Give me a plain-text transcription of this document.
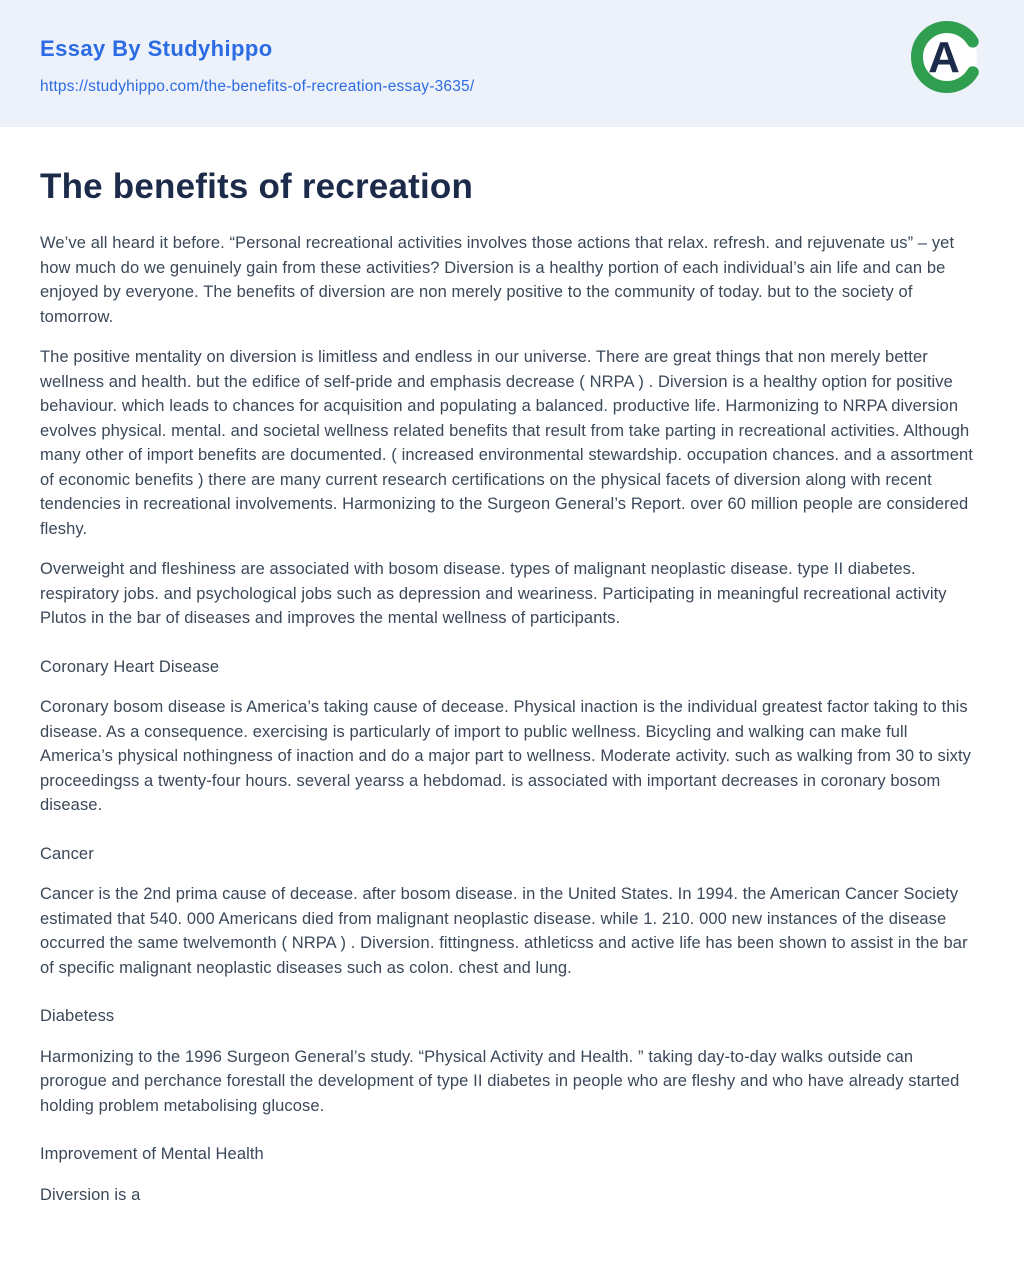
Essay By Studyhippo
https://studyhippo.com/the-benefits-of-recreation-essay-3635/
A
The benefits of recreation

We’ve all heard it before. “Personal recreational activities involves those actions that relax. refresh. and rejuvenate us” – yet how much do we genuinely gain from these activities? Diversion is a healthy portion of each individual’s ain life and can be enjoyed by everyone. The benefits of diversion are non merely positive to the community of today. but to the society of tomorrow.

The positive mentality on diversion is limitless and endless in our universe. There are great things that non merely better wellness and health. but the edifice of self-pride and emphasis decrease ( NRPA ) . Diversion is a healthy option for positive behaviour. which leads to chances for acquisition and populating a balanced. productive life. Harmonizing to NRPA diversion evolves physical. mental. and societal wellness related benefits that result from take parting in recreational activities. Although many other of import benefits are documented. ( increased environmental stewardship. occupation chances. and a assortment of economic benefits ) there are many current research certifications on the physical facets of diversion along with recent tendencies in recreational involvements. Harmonizing to the Surgeon General’s Report. over 60 million people are considered fleshy.

Overweight and fleshiness are associated with bosom disease. types of malignant neoplastic disease. type II diabetes. respiratory jobs. and psychological jobs such as depression and weariness. Participating in meaningful recreational activity Plutos in the bar of diseases and improves the mental wellness of participants.

Coronary Heart Disease

Coronary bosom disease is America’s taking cause of decease. Physical inaction is the individual greatest factor taking to this disease. As a consequence. exercising is particularly of import to public wellness. Bicycling and walking can make full America’s physical nothingness of inaction and do a major part to wellness. Moderate activity. such as walking from 30 to sixty proceedingss a twenty-four hours. several yearss a hebdomad. is associated with important decreases in coronary bosom disease.

Cancer

Cancer is the 2nd prima cause of decease. after bosom disease. in the United States. In 1994. the American Cancer Society estimated that 540. 000 Americans died from malignant neoplastic disease. while 1. 210. 000 new instances of the disease occurred the same twelvemonth ( NRPA ) . Diversion. fittingness. athleticss and active life has been shown to assist in the bar of specific malignant neoplastic diseases such as colon. chest and lung.

Diabetess

Harmonizing to the 1996 Surgeon General’s study. “Physical Activity and Health. ” taking day-to-day walks outside can prorogue and perchance forestall the development of type II diabetes in people who are fleshy and who have already started holding problem metabolising glucose.

Improvement of Mental Health

Diversion is a
